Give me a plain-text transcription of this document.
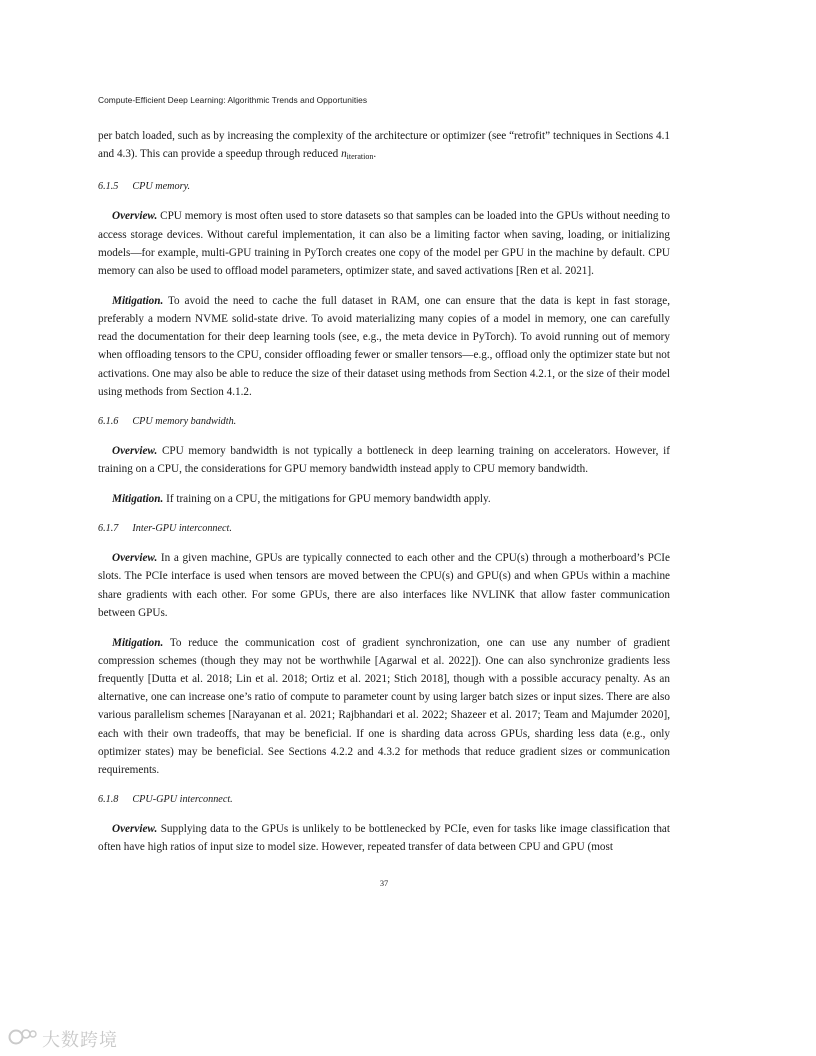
Compute-Efficient Deep Learning: Algorithmic Trends and Opportunities

per batch loaded, such as by increasing the complexity of the architecture or optimizer (see “retrofit” techniques in Sections 4.1 and 4.3). This can provide a speedup through reduced $n_{iteration}$.

6.1.5 CPU memory.

Overview. CPU memory is most often used to store datasets so that samples can be loaded into the GPUs without needing to access storage devices. Without careful implementation, it can also be a limiting factor when saving, loading, or initializing models—for example, multi-GPU training in PyTorch creates one copy of the model per GPU in the machine by default. CPU memory can also be used to offload model parameters, optimizer state, and saved activations [Ren et al. 2021].

Mitigation. To avoid the need to cache the full dataset in RAM, one can ensure that the data is kept in fast storage, preferably a modern NVME solid-state drive. To avoid materializing many copies of a model in memory, one can carefully read the documentation for their deep learning tools (see, e.g., the meta device in PyTorch). To avoid running out of memory when offloading tensors to the CPU, consider offloading fewer or smaller tensors—e.g., offload only the optimizer state but not activations. One may also be able to reduce the size of their dataset using methods from Section 4.2.1, or the size of their model using methods from Section 4.1.2.

6.1.6 CPU memory bandwidth.

Overview. CPU memory bandwidth is not typically a bottleneck in deep learning training on accelerators. However, if training on a CPU, the considerations for GPU memory bandwidth instead apply to CPU memory bandwidth.

Mitigation. If training on a CPU, the mitigations for GPU memory bandwidth apply.

6.1.7 Inter-GPU interconnect.

Overview. In a given machine, GPUs are typically connected to each other and the CPU(s) through a motherboard’s PCIe slots. The PCIe interface is used when tensors are moved between the CPU(s) and GPU(s) and when GPUs within a machine share gradients with each other. For some GPUs, there are also interfaces like NVLINK that allow faster communication between GPUs.

Mitigation. To reduce the communication cost of gradient synchronization, one can use any number of gradient compression schemes (though they may not be worthwhile [Agarwal et al. 2022]). One can also synchronize gradients less frequently [Dutta et al. 2018; Lin et al. 2018; Ortiz et al. 2021; Stich 2018], though with a possible accuracy penalty. As an alternative, one can increase one’s ratio of compute to parameter count by using larger batch sizes or input sizes. There are also various parallelism schemes [Narayanan et al. 2021; Rajbhandari et al. 2022; Shazeer et al. 2017; Team and Majumder 2020], each with their own tradeoffs, that may be beneficial. If one is sharding data across GPUs, sharding less data (e.g., only optimizer states) may be beneficial. See Sections 4.2.2 and 4.3.2 for methods that reduce gradient sizes or communication requirements.

6.1.8 CPU-GPU interconnect.

Overview. Supplying data to the GPUs is unlikely to be bottlenecked by PCIe, even for tasks like image classification that often have high ratios of input size to model size. However, repeated transfer of data between CPU and GPU (most

37
大数跨境
